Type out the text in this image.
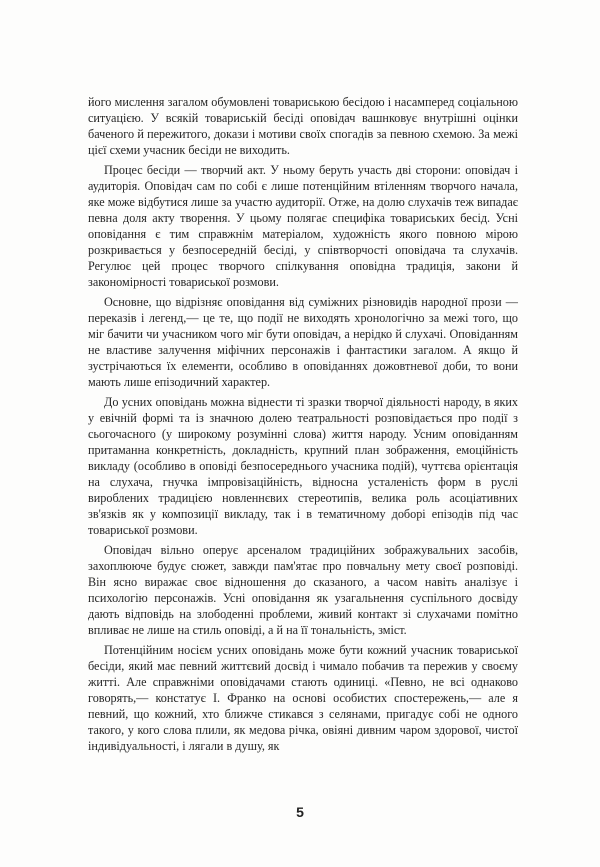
його мислення загалом обумовлені товариською бесідою і насамперед соціальною ситуацією. У всякій товариській бесіді оповідач вашнковує внутрішні оцінки баченого й пережитого, докази і мотиви своїх спогадів за певною схемою. За межі цієї схеми учасник бесіди не виходить.

Процес бесіди — творчий акт. У ньому беруть участь дві сторони: оповідач і аудиторія. Оповідач сам по собі є лише потенційним втіленням творчого начала, яке може відбутися лише за участю аудиторії. Отже, на долю слухачів теж випадає певна доля акту творення. У цьому полягає специфіка товариських бесід. Усні оповідання є тим справжнім матеріалом, художність якого повною мірою розкривається у безпосередній бесіді, у співтворчості оповідача та слухачів. Регулює цей процес творчого спілкування оповідна традиція, закони й закономірності товариської розмови.

Основне, що відрізняє оповідання від суміжних різновидів народної прози — переказів і легенд,— це те, що події не виходять хронологічно за межі того, що міг бачити чи учасником чого міг бути оповідач, а нерідко й слухачі. Оповіданням не властиве залучення міфічних персонажів і фантастики загалом. А якщо й зустрічаються їх елементи, особливо в оповіданнях дожовтневої доби, то вони мають лише епізодичний характер.

До усних оповідань можна віднести ті зразки творчої діяльності народу, в яких у евічній формі та із значною долею театральності розповідається про події з сьогочасного (у широкому розумінні слова) життя народу. Усним оповіданням притаманна конкретність, докладність, крупний план зображення, емоційність викладу (особливо в оповіді безпосереднього учасника подій), чуттєва орієнтація на слухача, гнучка імпровізаційність, відносна усталеність форм в руслі вироблених традицією новленнєвих стереотипів, велика роль асоціативних зв'язків як у композиції викладу, так і в тематичному доборі епізодів під час товариської розмови.

Оповідач вільно оперує арсеналом традиційних зображувальних засобів, захоплююче будує сюжет, завжди пам'ятає про повчальну мету своєї розповіді. Він ясно виражає своє відношення до сказаного, а часом навіть аналізує і психологію персонажів. Усні оповідання як узагальнення суспільного досвіду дають відповідь на злободенні проблеми, живий контакт зі слухачами помітно впливає не лише на стиль оповіді, а й на її тональність, зміст.

Потенційним носієм усних оповідань може бути кожний учасник товариської бесіди, який має певний життєвий досвід і чимало побачив та пережив у своєму житті. Але справжніми оповідачами стають одиниці. «Певно, не всі однаково говорять,— констатує І. Франко на основі особистих спостережень,— але я певний, що кожний, хто ближче стикався з селянами, пригадує собі не одного такого, у кого слова плили, як медова річка, овіяні дивним чаром здорової, чистої індивідуальності, і лягали в душу, як

5
